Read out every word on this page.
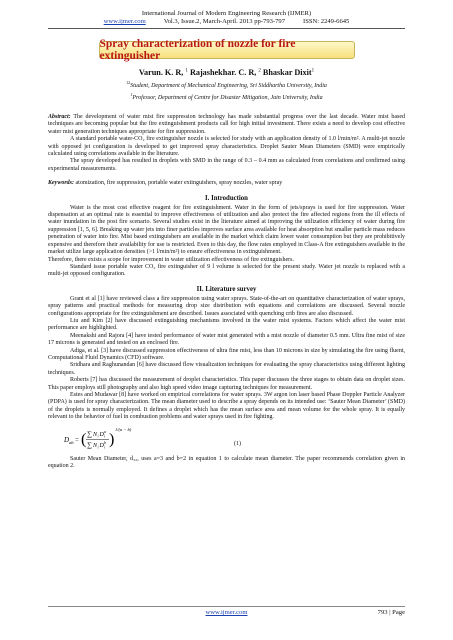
International Journal of Modern Engineering Research (IJMER)
www.ijmer.com	Vol.3, Issue.2, March-April. 2013 pp-793-797	ISSN: 2249-6645
Spray characterization of nozzle for fire extinguisher
Varun. K. R, $^1$ Rajashekhar. C. R, $^2$ Bhaskar Dixit$^1$
$^{12}$Student, Department of Mechanical Engineering, Sri Siddhartha University, India
$^1$Professor, Department of Centre for Disaster Mitigation, Jain University, India

Abstract: The development of water mist fire suppression technology has made substantial progress over the last decade. Water mist based techniques are becoming popular but the fire extinguishment products call for high initial investment. There exists a need to develop cost effective water mist generation techniques appropriate for fire suppression.

A standard portable water-CO₂ fire extinguisher nozzle is selected for study with an application density of 1.0 l/min/m². A multi-jet nozzle with opposed jet configuration is developed to get improved spray characteristics. Droplet Sauter Mean Diameters (SMD) were empirically calculated using correlations available in the literature.

The spray developed has resulted in droplets with SMD in the range of 0.3 – 0.4 mm as calculated from correlations and confirmed using experimental measurements.

Keywords: atomization, fire suppression, portable water extinguishers, spray nozzles, water spray

I. Introduction

Water is the most cost effective reagent for fire extinguishment. Water in the form of jets/sprays is used for fire suppression. Water dispensation at an optimal rate is essential to improve effectiveness of utilization and also protect the fire affected regions from the ill effects of water inundation in the post fire scenario. Several studies exist in the literature aimed at improving the utilization efficiency of water during fire suppression [1, 5, 6]. Breaking up water jets into finer particles improves surface area available for heat absorption but smaller particle mass reduces penetration of water into fire. Mist based extinguishers are available in the market which claim lower water consumption but they are prohibitively expensive and therefore their availability for use is restricted. Even to this day, the flow rates employed in Class-A fire extinguishers available in the market utilize large application densities (>1 l/min/m²) to ensure effectiveness in extinguishment.

Therefore, there exists a scope for improvement in water utilization effectiveness of fire extinguishers.

Standard issue portable water CO₂ fire extinguisher of 9 l volume is selected for the present study. Water jet nozzle is replaced with a multi-jet opposed configuration.

II. Literature survey

Grant et al [1] have reviewed class a fire suppression using water sprays. State-of-the-art on quantitative characterization of water sprays, spray patterns and practical methods for measuring drop size distribution with equations and correlations are discussed. Several nozzle configurations appropriate for fire extinguishment are described. Issues associated with quenching crib fires are also discussed.

Liu and Kim [2] have discussed extinguishing mechanisms involved in the water mist systems. Factors which affect the water mist performance are highlighted.

Meenakshi and Rajora [4] have tested performance of water mist generated with a mist nozzle of diameter 0.5 mm. Ultra fine mist of size 17 microns is generated and tested on an enclosed fire.

Adiga, et al. [3] have discussed suppression effectiveness of ultra fine mist, less than 10 microns in size by simulating the fire using fluent, Computational Fluid Dynamics (CFD) software.

Sridhara and Raghunandan [6] have discussed flow visualization techniques for evaluating the spray characteristics using different lighting techniques.

Roberts [7] has discussed the measurement of droplet characteristics. This paper discusses the three stages to obtain data on droplet sizes. This paper employs still photography and also high speed video image capturing techniques for measurement.

Estes and Mudawar [8] have worked on empirical correlations for water sprays. 3W argon ion laser based Phase Doppler Particle Analyzer (PDPA) is used for spray characterization. The mean diameter used to describe a spray depends on its intended use: ‘Sauter Mean Diameter’ (SMD) of the droplets is normally employed. It defines a droplet which has the mean surface area and mean volume for the whole spray. It is equally relevant to the behavior of fuel in combustion problems and water sprays used in fire fighting.

D ab = ( ∑ N i D i
a
∑ N i D i
b )
1/(a − b)
(1)

Sauter Mean Diameter, d₃₂, uses a=3 and b=2 in equation 1 to calculate mean diameter. The paper recommends correlation given in equation 2.

www.ijmer.com	793 | Page
